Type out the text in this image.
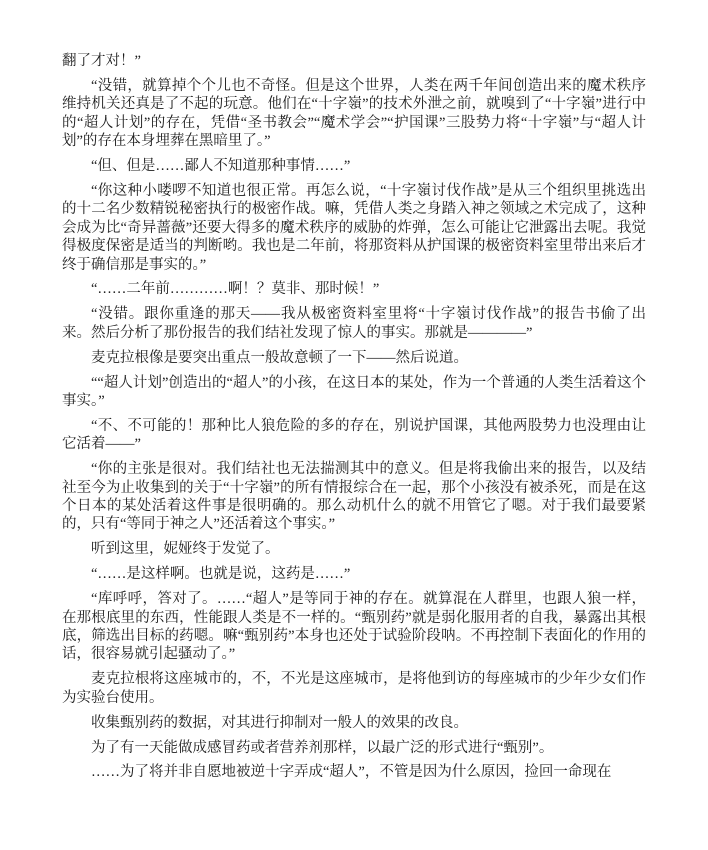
翻了才对！”

“没错，就算掉个个儿也不奇怪。但是这个世界，人类在两千年间创造出来的魔术秩序维持机关还真是了不起的玩意。他们在“十字嶺”的技术外泄之前，就嗅到了“十字嶺”进行中的“超人计划”的存在，凭借“圣书教会”“魔术学会”“护国课”三股势力将“十字嶺”与“超人计划”的存在本身埋葬在黑暗里了。”

“但、但是……鄙人不知道那种事情……”

“你这种小喽啰不知道也很正常。再怎么说，“十字嶺讨伐作战”是从三个组织里挑选出的十二名少数精锐秘密执行的极密作战。嘛，凭借人类之身踏入神之领域之术完成了，这种会成为比“奇异蔷薇”还要大得多的魔术秩序的威胁的炸弹，怎么可能让它泄露出去呢。我觉得极度保密是适当的判断哟。我也是二年前，将那资料从护国课的极密资料室里带出来后才终于确信那是事实的。”

“……二年前…………啊！？莫非、那时候！”

“没错。跟你重逢的那天——我从极密资料室里将“十字嶺讨伐作战”的报告书偷了出来。然后分析了那份报告的我们结社发现了惊人的事实。那就是————”

麦克拉根像是要突出重点一般故意顿了一下——然后说道。

““超人计划”创造出的“超人”的小孩，在这日本的某处，作为一个普通的人类生活着这个事实。”

“不、不可能的！那种比人狼危险的多的存在，别说护国课，其他两股势力也没理由让它活着——”

“你的主张是很对。我们结社也无法揣测其中的意义。但是将我偷出来的报告，以及结社至今为止收集到的关于“十字嶺”的所有情报综合在一起，那个小孩没有被杀死，而是在这个日本的某处活着这件事是很明确的。那么动机什么的就不用管它了嗯。对于我们最要紧的，只有“等同于神之人”还活着这个事实。”

听到这里，妮娅终于发觉了。

“……是这样啊。也就是说，这药是……”

“库呼呼，答对了。……“超人”是等同于神的存在。就算混在人群里，也跟人狼一样，在那根底里的东西，性能跟人类是不一样的。“甄别药”就是弱化服用者的自我，暴露出其根底，筛选出目标的药嗯。嘛“甄别药”本身也还处于试验阶段呐。不再控制下表面化的作用的话，很容易就引起骚动了。”

麦克拉根将这座城市的，不，不光是这座城市，是将他到访的每座城市的少年少女们作为实验台使用。

收集甄别药的数据，对其进行抑制对一般人的效果的改良。

为了有一天能做成感冒药或者营养剂那样，以最广泛的形式进行“甄别”。

……为了将并非自愿地被逆十字弄成“超人”，不管是因为什么原因，捡回一命现在
